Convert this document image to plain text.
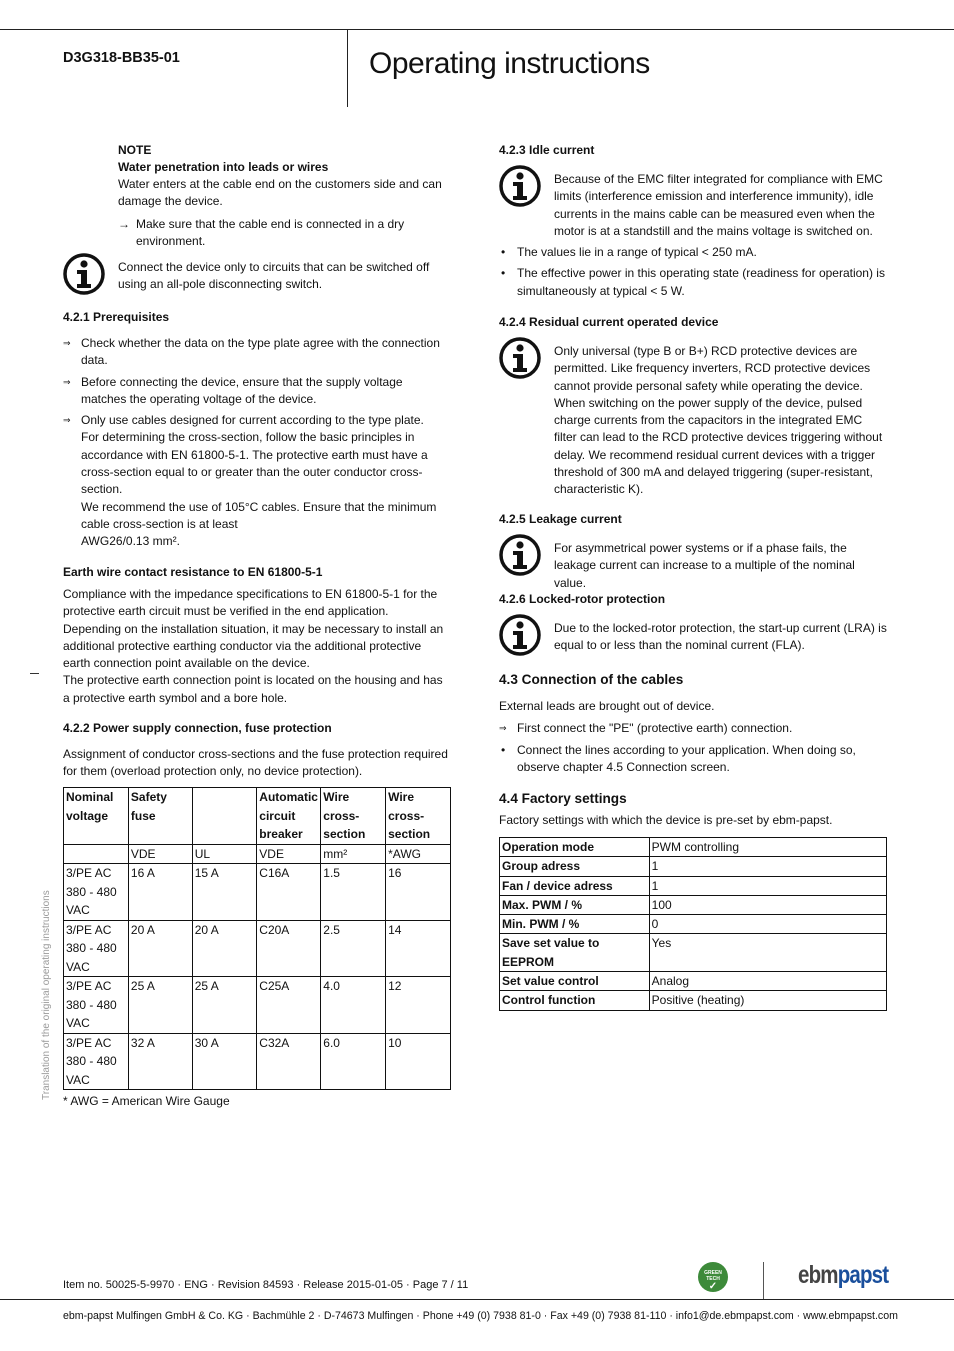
D3G318-BB35-01	Operating instructions
Translation of the original operating instructions
NOTE
Water penetration into leads or wires

Water enters at the cable end on the customers side and can damage the device.

→ Make sure that the cable end is connected in a dry environment.

Connect the device only to circuits that can be switched off using an all-pole disconnecting switch.

4.2.1 Prerequisites
⇒ Check whether the data on the type plate agree with the connection data.
⇒ Before connecting the device, ensure that the supply voltage matches the operating voltage of the device.
⇒ Only use cables designed for current according to the type plate.
For determining the cross-section, follow the basic principles in accordance with EN 61800-5-1. The protective earth must have a cross-section equal to or greater than the outer conductor cross-section.
We recommend the use of 105°C cables. Ensure that the minimum cable cross-section is at least
AWG26/0.13 mm².
Earth wire contact resistance to EN 61800-5-1

Compliance with the impedance specifications to EN 61800-5-1 for the protective earth circuit must be verified in the end application.

Depending on the installation situation, it may be necessary to install an additional protective earthing conductor via the additional protective earth connection point available on the device.

The protective earth connection point is located on the housing and has a protective earth symbol and a bore hole.

4.2.2 Power supply connection, fuse protection

Assignment of conductor cross-sections and the fuse protection required for them (overload protection only, no device protection).

Nominal voltage	Safety fuse		Automatic circuit breaker	Wire cross-section	Wire cross-section
	VDE	UL	VDE	mm²	*AWG
3/PE AC 380 - 480 VAC	16 A	15 A	C16A	1.5	16
3/PE AC 380 - 480 VAC	20 A	20 A	C20A	2.5	14
3/PE AC 380 - 480 VAC	25 A	25 A	C25A	4.0	12
3/PE AC 380 - 480 VAC	32 A	30 A	C32A	6.0	10

* AWG = American Wire Gauge

4.2.3 Idle current

Because of the EMC filter integrated for compliance with EMC limits (interference emission and interference immunity), idle currents in the mains cable can be measured even when the motor is at a standstill and the mains voltage is switched on.

• The values lie in a range of typical < 250 mA.
• The effective power in this operating state (readiness for operation) is simultaneously at typical < 5 W.
4.2.4 Residual current operated device

Only universal (type B or B+) RCD protective devices are permitted. Like frequency inverters, RCD protective devices cannot provide personal safety while operating the device. When switching on the power supply of the device, pulsed charge currents from the capacitors in the integrated EMC filter can lead to the RCD protective devices triggering without delay. We recommend residual current devices with a trigger threshold of 300 mA and delayed triggering (super-resistant, characteristic K).

4.2.5 Leakage current

For asymmetrical power systems or if a phase fails, the leakage current can increase to a multiple of the nominal value.

4.2.6 Locked-rotor protection

Due to the locked-rotor protection, the start-up current (LRA) is equal to or less than the nominal current (FLA).

4.3 Connection of the cables

External leads are brought out of device.

⇒ First connect the "PE" (protective earth) connection.
• Connect the lines according to your application. When doing so, observe chapter 4.5 Connection screen.
4.4 Factory settings

Factory settings with which the device is pre-set by ebm-papst.

Operation mode	PWM controlling
Group adress	1
Fan / device adress	1
Max. PWM / %	100
Min. PWM / %	0
Save set value to EEPROM	Yes
Set value control	Analog
Control function	Positive (heating)

Item no. 50025-5-9970 · ENG · Revision 84593 · Release 2015-01-05 · Page 7 / 11

GREEN TECH
✓	ebmpapst

ebm-papst Mulfingen GmbH & Co. KG · Bachmühle 2 · D-74673 Mulfingen · Phone +49 (0) 7938 81-0 · Fax +49 (0) 7938 81-110 · info1@de.ebmpapst.com · www.ebmpapst.com
